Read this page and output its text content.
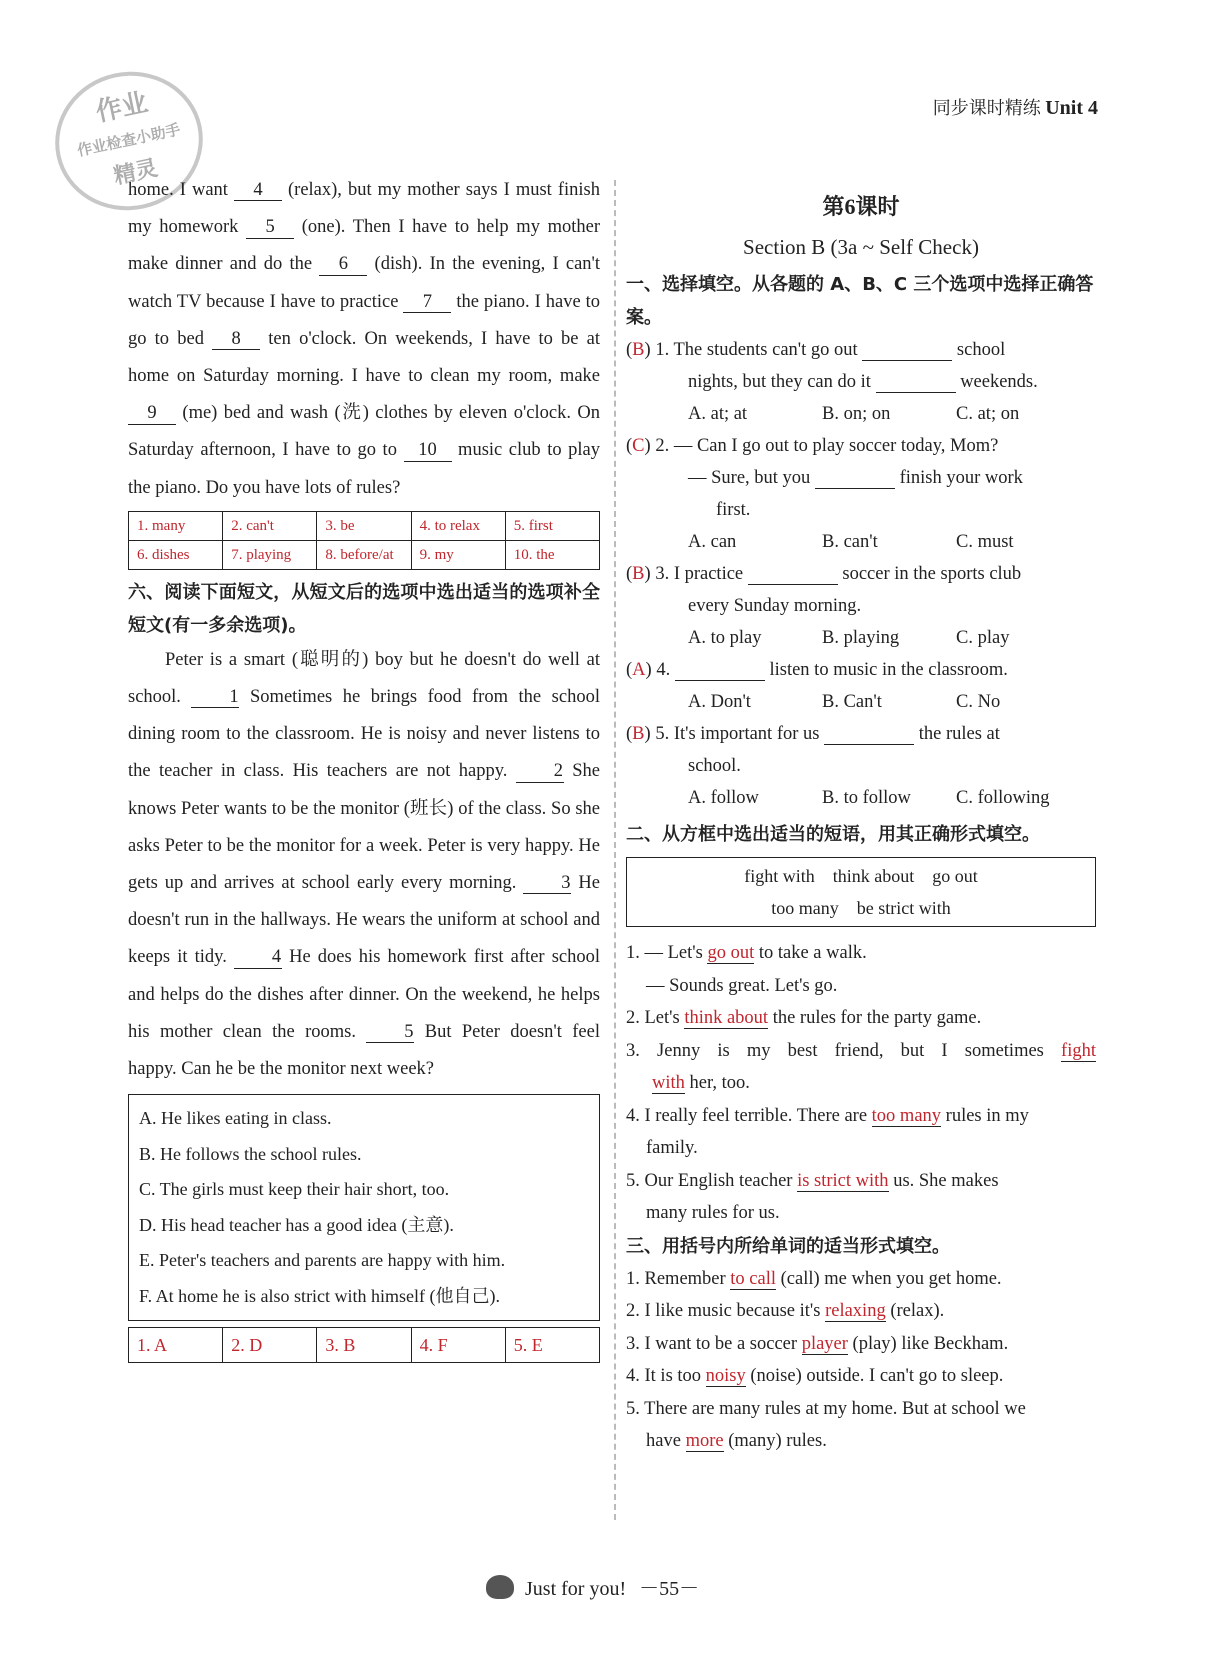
作业
作业检查小助手
精灵
同步课时精练 Unit 4
home. I want 4 (relax), but my mother says I must finish my homework 5 (one). Then I have to help my mother make dinner and do the 6 (dish). In the evening, I can't watch TV because I have to practice 7 the piano. I have to go to bed 8 ten o'clock. On weekends, I have to be at home on Saturday morning. I have to clean my room, make 9 (me) bed and wash (洗) clothes by eleven o'clock. On Saturday afternoon, I have to go to 10 music club to play the piano. Do you have lots of rules?
1. many	2. can't	3. be	4. to relax	5. first
6. dishes	7. playing	8. before/at	9. my	10. the
六、阅读下面短文，从短文后的选项中选出适当的选项补全短文(有一多余选项)。
Peter is a smart (聪明的) boy but he doesn't do well at school. 1 Sometimes he brings food from the school dining room to the classroom. He is noisy and never listens to the teacher in class. His teachers are not happy. 2 She knows Peter wants to be the monitor (班长) of the class. So she asks Peter to be the monitor for a week. Peter is very happy. He gets up and arrives at school early every morning. 3 He doesn't run in the hallways. He wears the uniform at school and keeps it tidy. 4 He does his homework first after school and helps do the dishes after dinner. On the weekend, he helps his mother clean the rooms. 5 But Peter doesn't feel happy. Can he be the monitor next week?
A. He likes eating in class.
B. He follows the school rules.
C. The girls must keep their hair short, too.
D. His head teacher has a good idea (主意).
E. Peter's teachers and parents are happy with him.
F. At home he is also strict with himself (他自己).
1. A	2. D	3. B	4. F	5. E
第6课时
Section B (3a ~ Self Check)
一、选择填空。从各题的 A、B、C 三个选项中选择正确答案。
(B) 1. The students can't go out	school
nights, but they can do it	weekends.
A. at; at	B. on; on	C. at; on
(C) 2. — Can I go out to play soccer today, Mom?
— Sure, but you	finish your work
first.
A. can	B. can't	C. must
(B) 3. I practice	soccer in the sports club
every Sunday morning.
A. to play	B. playing	C. play
(A) 4.	listen to music in the classroom.
A. Don't	B. Can't	C. No
(B) 5. It's important for us	the rules at
school.
A. follow	B. to follow C. following
二、从方框中选出适当的短语，用其正确形式填空。
fight with    think about    go out
too many    be strict with
1. — Let's go out to take a walk.
— Sounds great. Let's go.
2. Let's think about the rules for the party game.
3. Jenny is my best friend, but I sometimes fight
with her, too.
4. I really feel terrible. There are too many rules in my
family.
5. Our English teacher is strict with us. She makes
many rules for us.
三、用括号内所给单词的适当形式填空。
1. Remember to call (call) me when you get home.
2. I like music because it's relaxing (relax).
3. I want to be a soccer player (play) like Beckham.
4. It is too noisy (noise) outside. I can't go to sleep.
5. There are many rules at my home. But at school we
have more (many) rules.
Just for you! －55－
